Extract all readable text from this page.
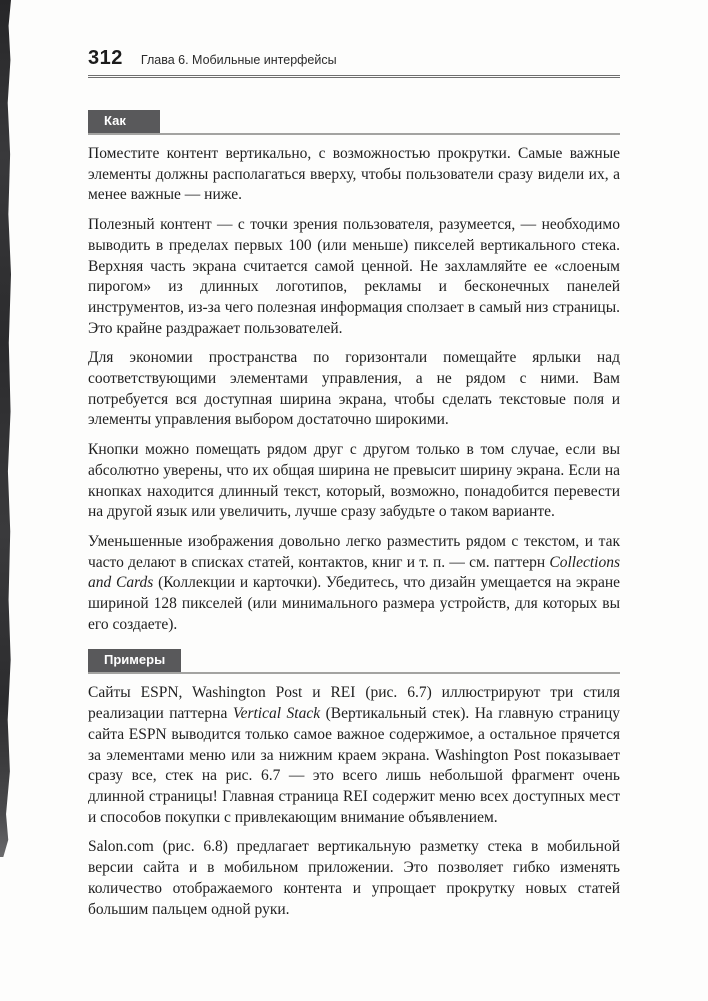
312 Глава 6. Мобильные интерфейсы
Как

Поместите контент вертикально, с возможностью прокрутки. Самые важные элементы должны располагаться вверху, чтобы пользователи сразу видели их, а менее важные — ниже.

Полезный контент — с точки зрения пользователя, разумеется, — необходимо выводить в пределах первых 100 (или меньше) пикселей вертикального стека. Верхняя часть экрана считается самой ценной. Не захламляйте ее «слоеным пирогом» из длинных логотипов, рекламы и бесконечных панелей инструментов, из-за чего полезная информация сползает в самый низ страницы. Это крайне раздражает пользователей.

Для экономии пространства по горизонтали помещайте ярлыки над соответствующими элементами управления, а не рядом с ними. Вам потребуется вся доступная ширина экрана, чтобы сделать текстовые поля и элементы управления выбором достаточно широкими.

Кнопки можно помещать рядом друг с другом только в том случае, если вы абсолютно уверены, что их общая ширина не превысит ширину экрана. Если на кнопках находится длинный текст, который, возможно, понадобится перевести на другой язык или увеличить, лучше сразу забудьте о таком варианте.

Уменьшенные изображения довольно легко разместить рядом с текстом, и так часто делают в списках статей, контактов, книг и т. п. — см. паттерн Collections and Cards (Коллекции и карточки). Убедитесь, что дизайн умещается на экране шириной 128 пикселей (или минимального размера устройств, для которых вы его создаете).

Примеры

Сайты ESPN, Washington Post и REI (рис. 6.7) иллюстрируют три стиля реализации паттерна Vertical Stack (Вертикальный стек). На главную страницу сайта ESPN выводится только самое важное содержимое, а остальное прячется за элементами меню или за нижним краем экрана. Washington Post показывает сразу все, стек на рис. 6.7 — это всего лишь небольшой фрагмент очень длинной страницы! Главная страница REI содержит меню всех доступных мест и способов покупки с привлекающим внимание объявлением.

Salon.com (рис. 6.8) предлагает вертикальную разметку стека в мобильной версии сайта и в мобильном приложении. Это позволяет гибко изменять количество отображаемого контента и упрощает прокрутку новых статей большим пальцем одной руки.
